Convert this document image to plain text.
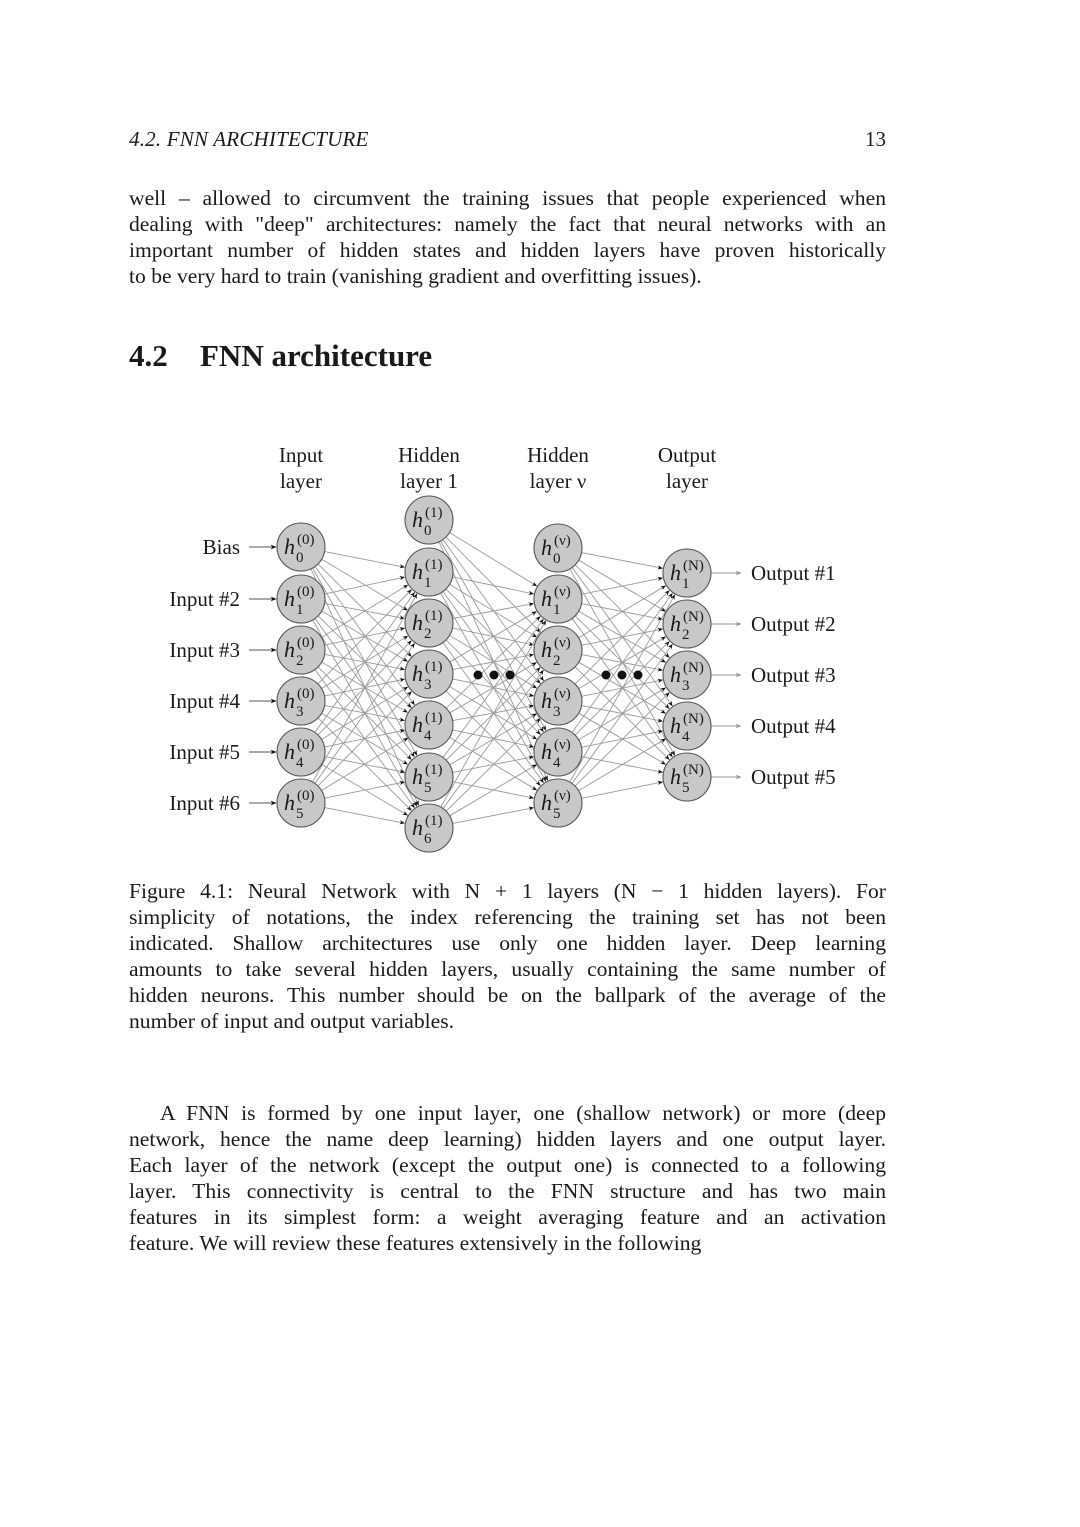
4.2. FNN ARCHITECTURE	13
well – allowed to circumvent the training issues that people experienced when
dealing with "deep" architectures: namely the fact that neural networks with an
important number of hidden states and hidden layers have proven historically
to be very hard to train (vanishing gradient and overfitting issues).
4.2 FNN architecture
Input
layer
Hidden
layer 1
Hidden
layer ν
Output
layer
Bias
Input #2
Input #3
Input #4
Input #5
Input #6
Output #1
Output #2
Output #3
Output #4
Output #5
h (0)
0
h (0)
1
h (0)
2
h (0)
3
h (0)
4
h (0)
5
h (1)
0
h (1)
1
h (1)
2
h (1)
3
h (1)
4
h (1)
5
h (1)
6
h (ν)
0
h (ν)
1
h (ν)
2
h (ν)
3
h (ν)
4
h (ν)
5
h (N)
1
h (N)
2
h (N)
3
h (N)
4
h (N)
5
Figure 4.1: Neural Network with N + 1 layers (N − 1 hidden layers). For
simplicity of notations, the index referencing the training set has not been
indicated. Shallow architectures use only one hidden layer. Deep learning
amounts to take several hidden layers, usually containing the same number of
hidden neurons. This number should be on the ballpark of the average of the
number of input and output variables.
A FNN is formed by one input layer, one (shallow network) or more (deep
network, hence the name deep learning) hidden layers and one output layer.
Each layer of the network (except the output one) is connected to a following
layer. This connectivity is central to the FNN structure and has two main
features in its simplest form: a weight averaging feature and an activation
feature. We will review these features extensively in the following
